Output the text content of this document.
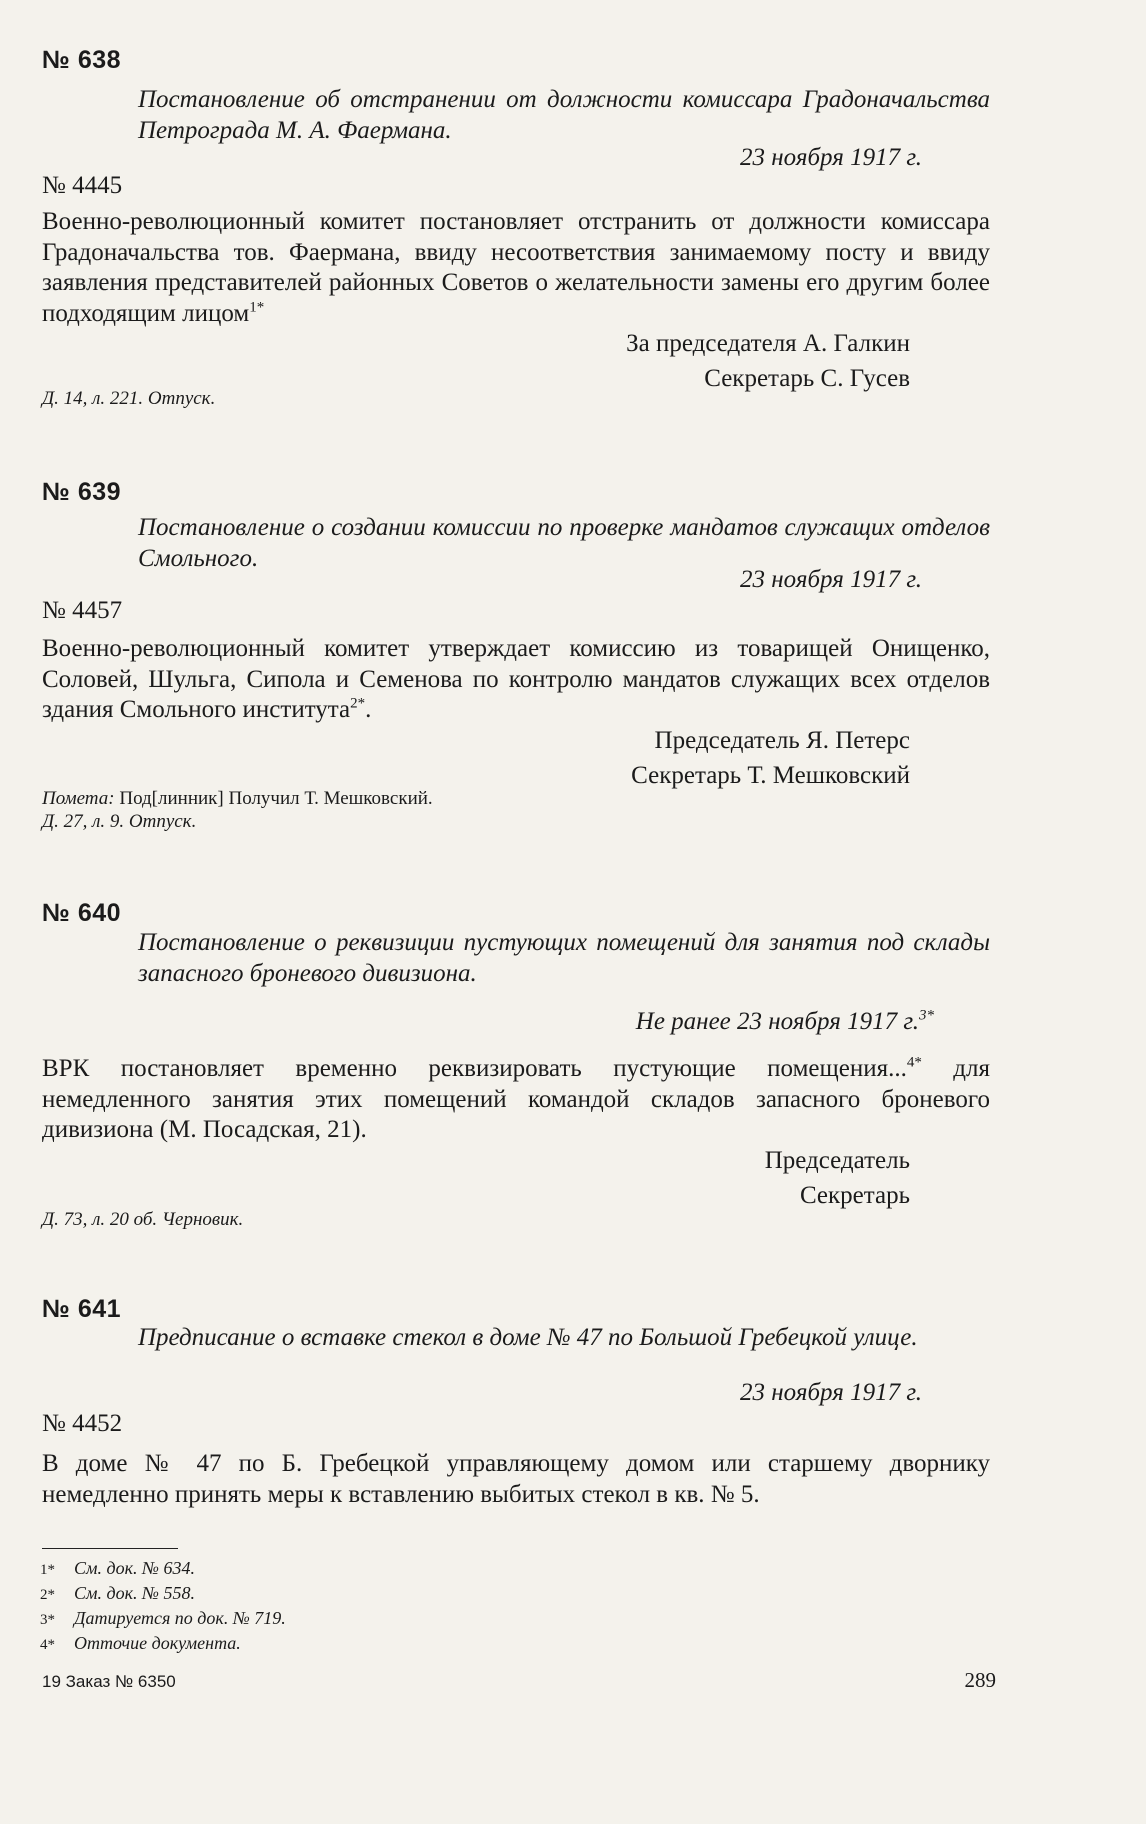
№ 638
Постановление об отстранении от должности комиссара Градоначальства Петрограда М. А. Фаермана.
23 ноября 1917 г.
№ 4445
Военно-революционный комитет постановляет отстранить от должности комиссара Градоначальства тов. Фаермана, ввиду несоответствия занимаемому посту и ввиду заявления представителей районных Советов о желательности замены его другим более подходящим лицом$^{1*}$
За председателя А. Галкин
Секретарь С. Гусев
Д. 14, л. 221. Отпуск.
№ 639
Постановление о создании комиссии по проверке мандатов служащих отделов Смольного.
23 ноября 1917 г.
№ 4457
Военно-революционный комитет утверждает комиссию из товарищей Онищенко, Соловей, Шульга, Сипола и Семенова по контролю мандатов служащих всех отделов здания Смольного института$^{2*}$.
Председатель Я. Петерс
Секретарь Т. Мешковский
Помета: Под[линник] Получил Т. Мешковский.
Д. 27, л. 9. Отпуск.
№ 640
Постановление о реквизиции пустующих помещений для занятия под склады запасного броневого дивизиона.
Не ранее 23 ноября 1917 г.$^{3*}$
ВРК постановляет временно реквизировать пустующие помещения...$^{4*}$ для немедленного занятия этих помещений командой складов запасного броневого дивизиона (М. Посадская, 21).
Председатель
Секретарь
Д. 73, л. 20 об. Черновик.
№ 641
Предписание о вставке стекол в доме № 47 по Большой Гребецкой улице.
23 ноября 1917 г.
№ 4452
В доме № 47 по Б. Гребецкой управляющему домом или старшему дворнику немедленно принять меры к вставлению выбитых стекол в кв. № 5.
1* См. док. № 634.
2* См. док. № 558.
3* Датируется по док. № 719.
4* Отточие документа.
19 Заказ № 6350	289
